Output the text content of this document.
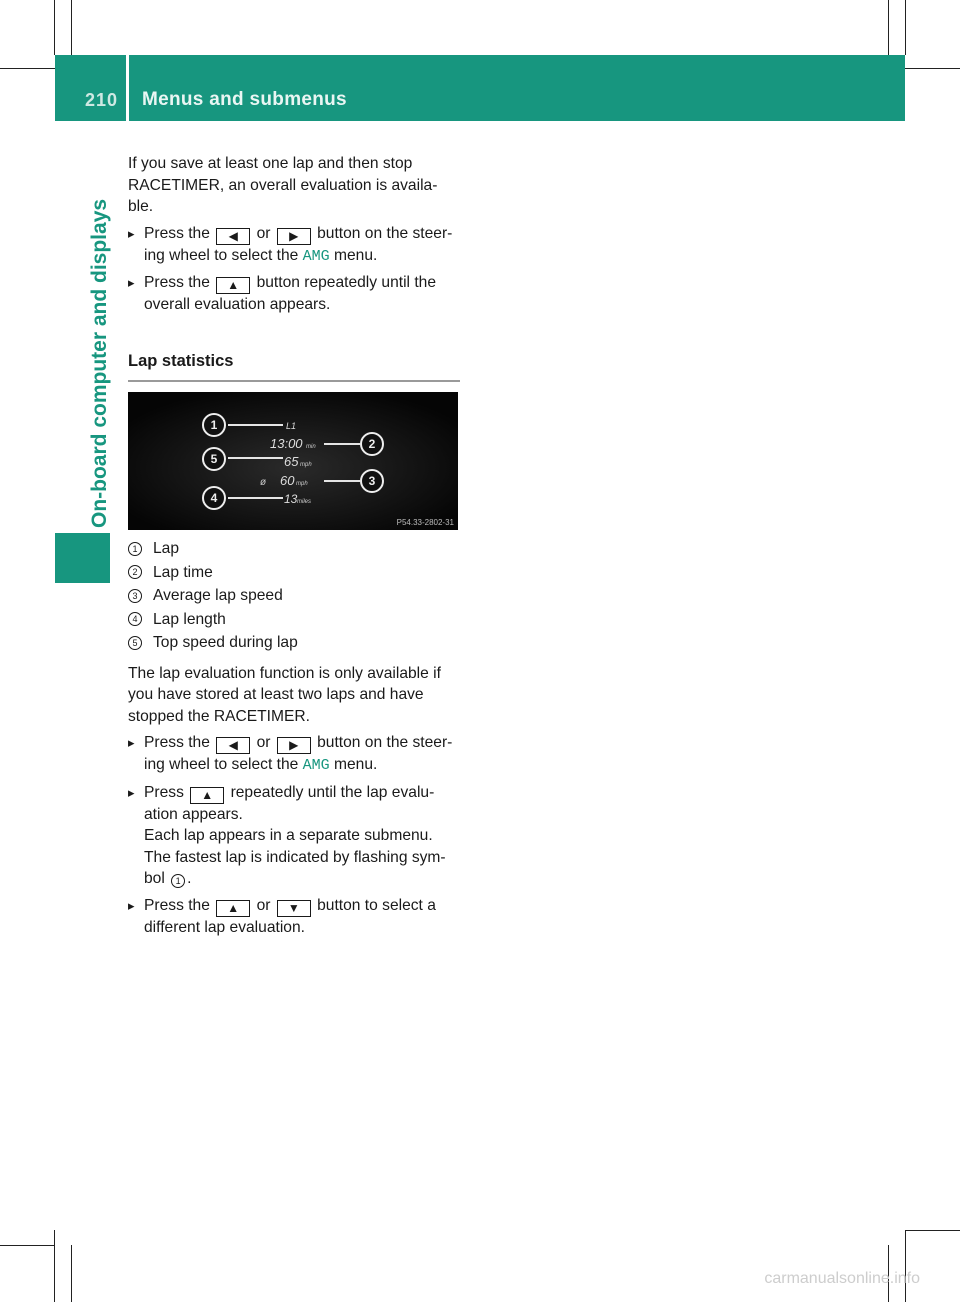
210 Menus and submenus
On-board computer and displays

If you save at least one lap and then stop RACETIMER, an overall evaluation is availa- ble.

▸ Press the ◀ or ▶ button on the steer- ing wheel to select the AMG menu.
▸ Press the ▲ button repeatedly until the overall evaluation appears.
Lap statistics
1
5
4
2
3
L1
13:00 min
65 mph
ø 60 mph
13 miles
P54.33-2802-31
1 Lap
2 Lap time
3 Average lap speed
4 Lap length
5 Top speed during lap

The lap evaluation function is only available if you have stored at least two laps and have stopped the RACETIMER.

▸ Press the ◀ or ▶ button on the steer- ing wheel to select the AMG menu.
▸ Press ▲ repeatedly until the lap evalu- ation appears.
Each lap appears in a separate submenu.
The fastest lap is indicated by flashing sym- bol 1 .
▸ Press the ▲ or ▼ button to select a different lap evaluation.
carmanualsonline.info
